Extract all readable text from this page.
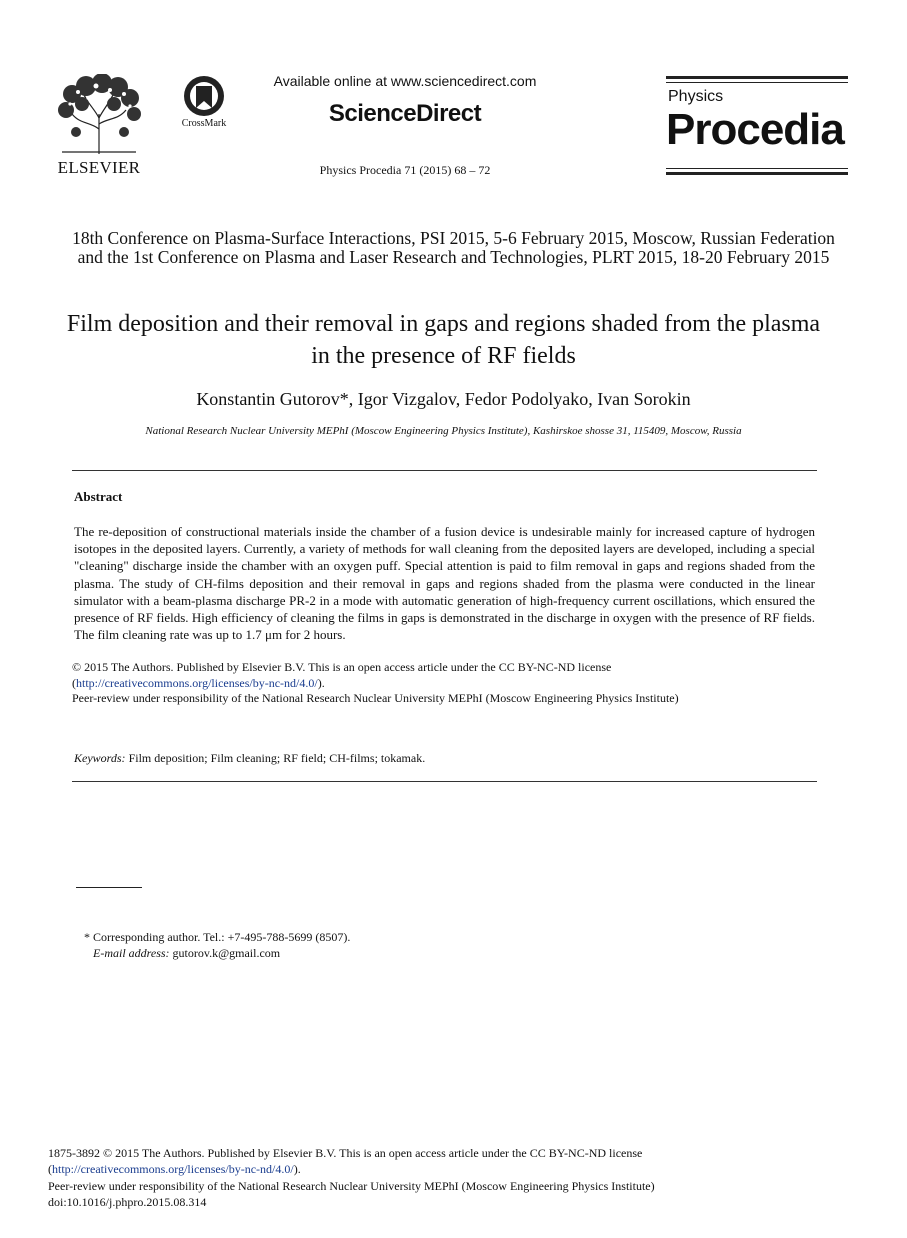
ELSEVIER
CrossMark
Available online at www.sciencedirect.com
ScienceDirect
Physics Procedia 71 (2015) 68 – 72
Physics
Procedia
18th Conference on Plasma-Surface Interactions, PSI 2015, 5-6 February 2015, Moscow, Russian Federation and the 1st Conference on Plasma and Laser Research and Technologies, PLRT 2015, 18-20 February 2015
Film deposition and their removal in gaps and regions shaded from the plasma in the presence of RF fields
Konstantin Gutorov*, Igor Vizgalov, Fedor Podolyako, Ivan Sorokin
National Research Nuclear University MEPhI (Moscow Engineering Physics Institute), Kashirskoe shosse 31, 115409, Moscow, Russia
Abstract
The re-deposition of constructional materials inside the chamber of a fusion device is undesirable mainly for increased capture of hydrogen isotopes in the deposited layers. Currently, a variety of methods for wall cleaning from the deposited layers are developed, including a special "cleaning" discharge inside the chamber with an oxygen puff. Special attention is paid to film removal in gaps and regions shaded from the plasma. The study of CH-films deposition and their removal in gaps and regions shaded from the plasma were conducted in the linear simulator with a beam-plasma discharge PR-2 in a mode with automatic generation of high-frequency current oscillations, which ensured the presence of RF fields. High efficiency of cleaning the films in gaps is demonstrated in the discharge in oxygen with the presence of RF fields. The film cleaning rate was up to 1.7 μm for 2 hours.
© 2015 The Authors. Published by Elsevier B.V. This is an open access article under the CC BY-NC-ND license
(http://creativecommons.org/licenses/by-nc-nd/4.0/).
Peer-review under responsibility of the National Research Nuclear University MEPhI (Moscow Engineering Physics Institute)
Keywords: Film deposition; Film cleaning; RF field; CH-films; tokamak.
* Corresponding author. Tel.: +7-495-788-5699 (8507).
E-mail address: gutorov.k@gmail.com
1875-3892 © 2015 The Authors. Published by Elsevier B.V. This is an open access article under the CC BY-NC-ND license
(http://creativecommons.org/licenses/by-nc-nd/4.0/).
Peer-review under responsibility of the National Research Nuclear University MEPhI (Moscow Engineering Physics Institute)
doi:10.1016/j.phpro.2015.08.314
